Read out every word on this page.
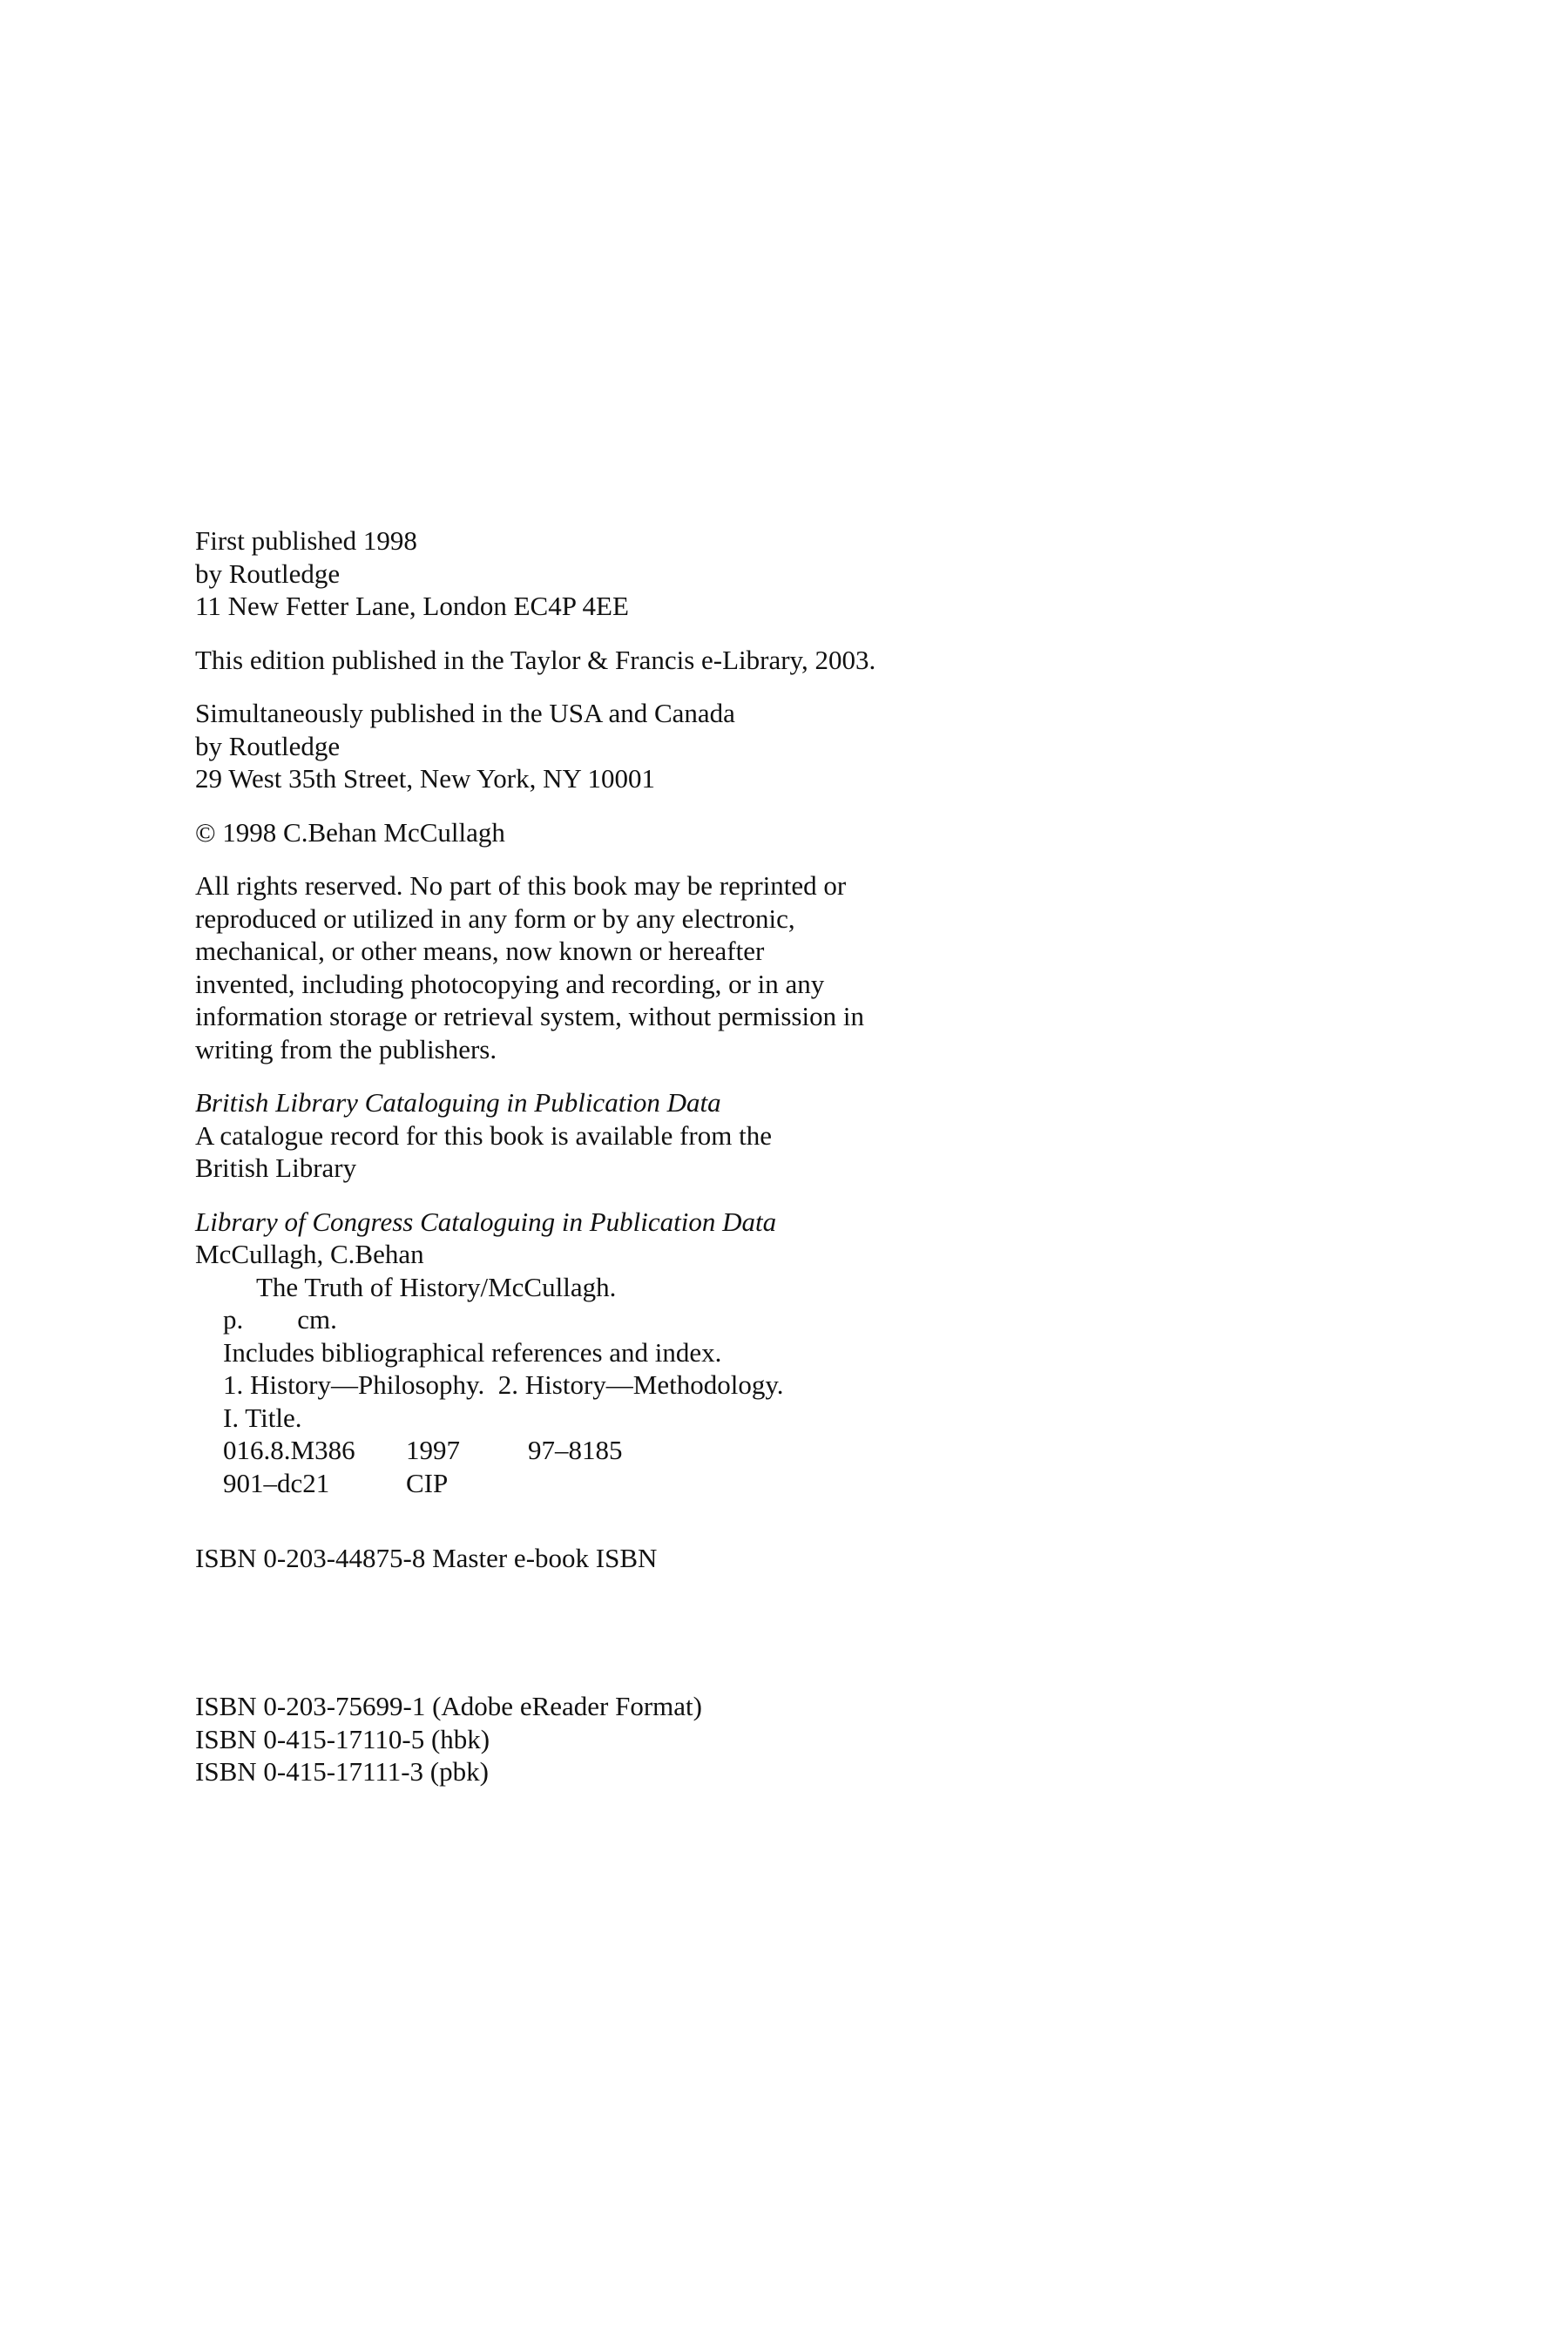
First published 1998
by Routledge
11 New Fetter Lane, London EC4P 4EE
This edition published in the Taylor & Francis e-Library, 2003.
Simultaneously published in the USA and Canada
by Routledge
29 West 35th Street, New York, NY 10001
© 1998 C.Behan McCullagh
All rights reserved. No part of this book may be reprinted or
reproduced or utilized in any form or by any electronic,
mechanical, or other means, now known or hereafter
invented, including photocopying and recording, or in any
information storage or retrieval system, without permission in
writing from the publishers.
British Library Cataloguing in Publication Data
A catalogue record for this book is available from the
British Library
Library of Congress Cataloguing in Publication Data
McCullagh, C.Behan
The Truth of History/McCullagh.
p.        cm.
Includes bibliographical references and index.
1. History—Philosophy.  2. History—Methodology.
I. Title.
016.8.M386 1997	97–8185
901–dc21	CIP
ISBN 0-203-44875-8 Master e-book ISBN
ISBN 0-203-75699-1 (Adobe eReader Format)
ISBN 0-415-17110-5 (hbk)
ISBN 0-415-17111-3 (pbk)
